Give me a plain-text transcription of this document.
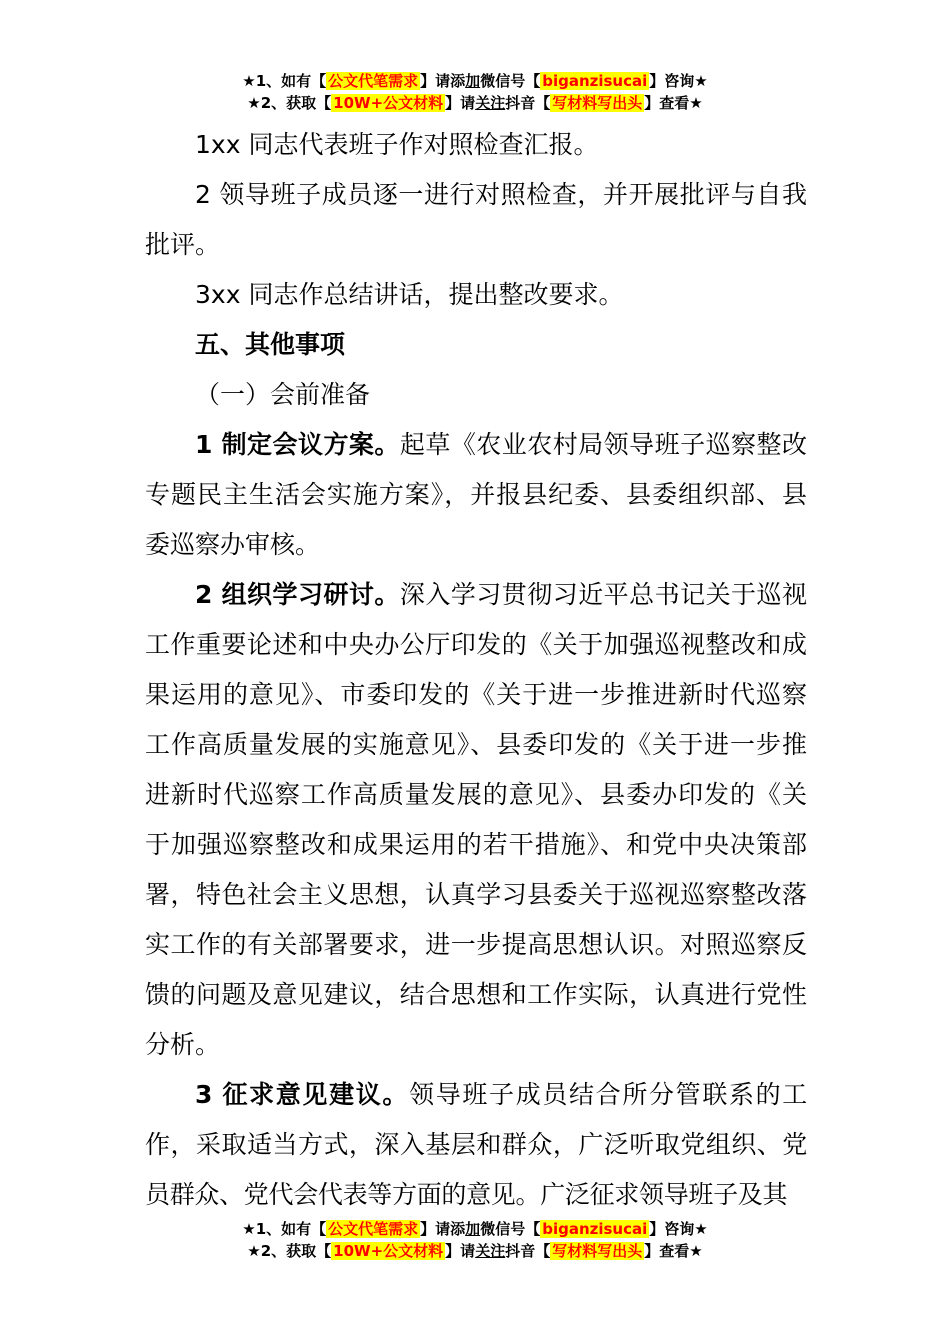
★1、如有【 公文代笔需求 】请添加微信号【 biganzisucai 】咨询★
★2、获取【 10W+公文材料 】请关注抖音【 写材料写出头 】查看★

1xx 同志代表班子作对照检查汇报。

2 领导班子成员逐一进行对照检查，并开展批评与自我批评。

3xx 同志作总结讲话，提出整改要求。

五、其他事项

（一）会前准备

1 制定会议方案。起草《农业农村局领导班子巡察整改专题民主生活会实施方案》，并报县纪委、县委组织部、县委巡察办审核。

2 组织学习研讨。深入学习贯彻习近平总书记关于巡视工作重要论述和中央办公厅印发的《关于加强巡视整改和成果运用的意见》、市委印发的《关于进一步推进新时代巡察工作高质量发展的实施意见》、县委印发的《关于进一步推进新时代巡察工作高质量发展的意见》、县委办印发的《关于加强巡察整改和成果运用的若干措施》、和党中央决策部署，特色社会主义思想，认真学习县委关于巡视巡察整改落实工作的有关部署要求，进一步提高思想认识。对照巡察反馈的问题及意见建议，结合思想和工作实际，认真进行党性分析。

3 征求意见建议。领导班子成员结合所分管联系的工作，采取适当方式，深入基层和群众，广泛听取党组织、党员群众、党代会代表等方面的意见。广泛征求领导班子及其

★1、如有【 公文代笔需求 】请添加微信号【 biganzisucai 】咨询★
★2、获取【 10W+公文材料 】请关注抖音【 写材料写出头 】查看★
